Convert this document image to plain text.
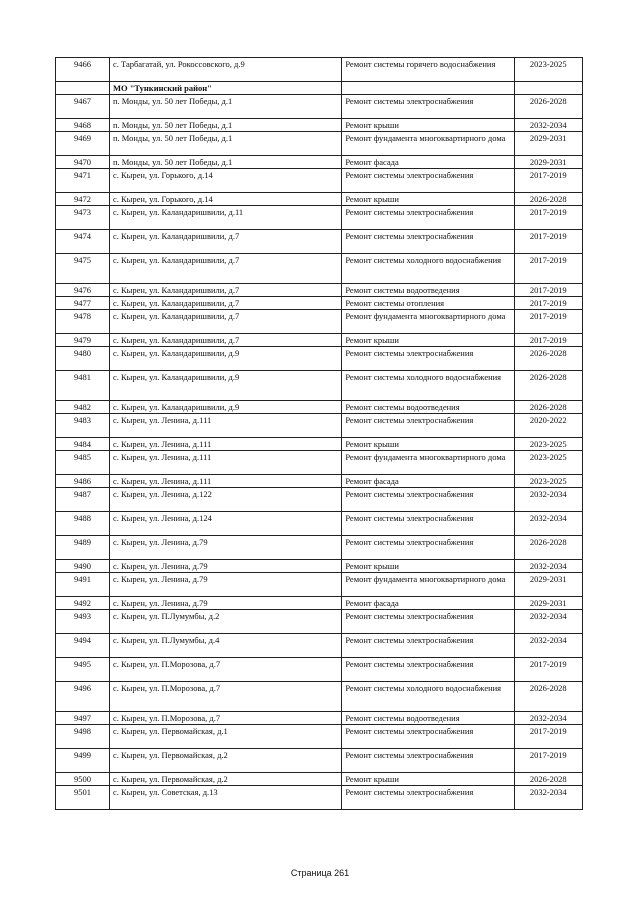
9466	с. Тарбагатай, ул. Рокоссовского, д.9	Ремонт системы горячего водоснабжения	2023-2025
	МО "Тункинский район"		
9467	п. Монды, ул. 50 лет Победы, д.1	Ремонт системы электроснабжения	2026-2028
9468	п. Монды, ул. 50 лет Победы, д.1	Ремонт крыши	2032-2034
9469	п. Монды, ул. 50 лет Победы, д.1	Ремонт фундамента многоквартирного дома	2029-2031
9470	п. Монды, ул. 50 лет Победы, д.1	Ремонт фасада	2029-2031
9471	с. Кырен, ул. Горького, д.14	Ремонт системы электроснабжения	2017-2019
9472	с. Кырен, ул. Горького, д.14	Ремонт крыши	2026-2028
9473	с. Кырен, ул. Каландаришвили, д.11	Ремонт системы электроснабжения	2017-2019
9474	с. Кырен, ул. Каландаришвили, д.7	Ремонт системы электроснабжения	2017-2019
9475	с. Кырен, ул. Каландаришвили, д.7	Ремонт системы холодного водоснабжения	2017-2019
9476	с. Кырен, ул. Каландаришвили, д.7	Ремонт системы водоотведения	2017-2019
9477	с. Кырен, ул. Каландаришвили, д.7	Ремонт системы отопления	2017-2019
9478	с. Кырен, ул. Каландаришвили, д.7	Ремонт фундамента многоквартирного дома	2017-2019
9479	с. Кырен, ул. Каландаришвили, д.7	Ремонт крыши	2017-2019
9480	с. Кырен, ул. Каландаришвили, д.9	Ремонт системы электроснабжения	2026-2028
9481	с. Кырен, ул. Каландаришвили, д.9	Ремонт системы холодного водоснабжения	2026-2028
9482	с. Кырен, ул. Каландаришвили, д.9	Ремонт системы водоотведения	2026-2028
9483	с. Кырен, ул. Ленина, д.111	Ремонт системы электроснабжения	2020-2022
9484	с. Кырен, ул. Ленина, д.111	Ремонт крыши	2023-2025
9485	с. Кырен, ул. Ленина, д.111	Ремонт фундамента многоквартирного дома	2023-2025
9486	с. Кырен, ул. Ленина, д.111	Ремонт фасада	2023-2025
9487	с. Кырен, ул. Ленина, д.122	Ремонт системы электроснабжения	2032-2034
9488	с. Кырен, ул. Ленина, д.124	Ремонт системы электроснабжения	2032-2034
9489	с. Кырен, ул. Ленина, д.79	Ремонт системы электроснабжения	2026-2028
9490	с. Кырен, ул. Ленина, д.79	Ремонт крыши	2032-2034
9491	с. Кырен, ул. Ленина, д.79	Ремонт фундамента многоквартирного дома	2029-2031
9492	с. Кырен, ул. Ленина, д.79	Ремонт фасада	2029-2031
9493	с. Кырен, ул. П.Лумумбы, д.2	Ремонт системы электроснабжения	2032-2034
9494	с. Кырен, ул. П.Лумумбы, д.4	Ремонт системы электроснабжения	2032-2034
9495	с. Кырен, ул. П.Морозова, д.7	Ремонт системы электроснабжения	2017-2019
9496	с. Кырен, ул. П.Морозова, д.7	Ремонт системы холодного водоснабжения	2026-2028
9497	с. Кырен, ул. П.Морозова, д.7	Ремонт системы водоотведения	2032-2034
9498	с. Кырен, ул. Первомайская, д.1	Ремонт системы электроснабжения	2017-2019
9499	с. Кырен, ул. Первомайская, д.2	Ремонт системы электроснабжения	2017-2019
9500	с. Кырен, ул. Первомайская, д.2	Ремонт крыши	2026-2028
9501	с. Кырен, ул. Советская, д.13	Ремонт системы электроснабжения	2032-2034
Страница 261
